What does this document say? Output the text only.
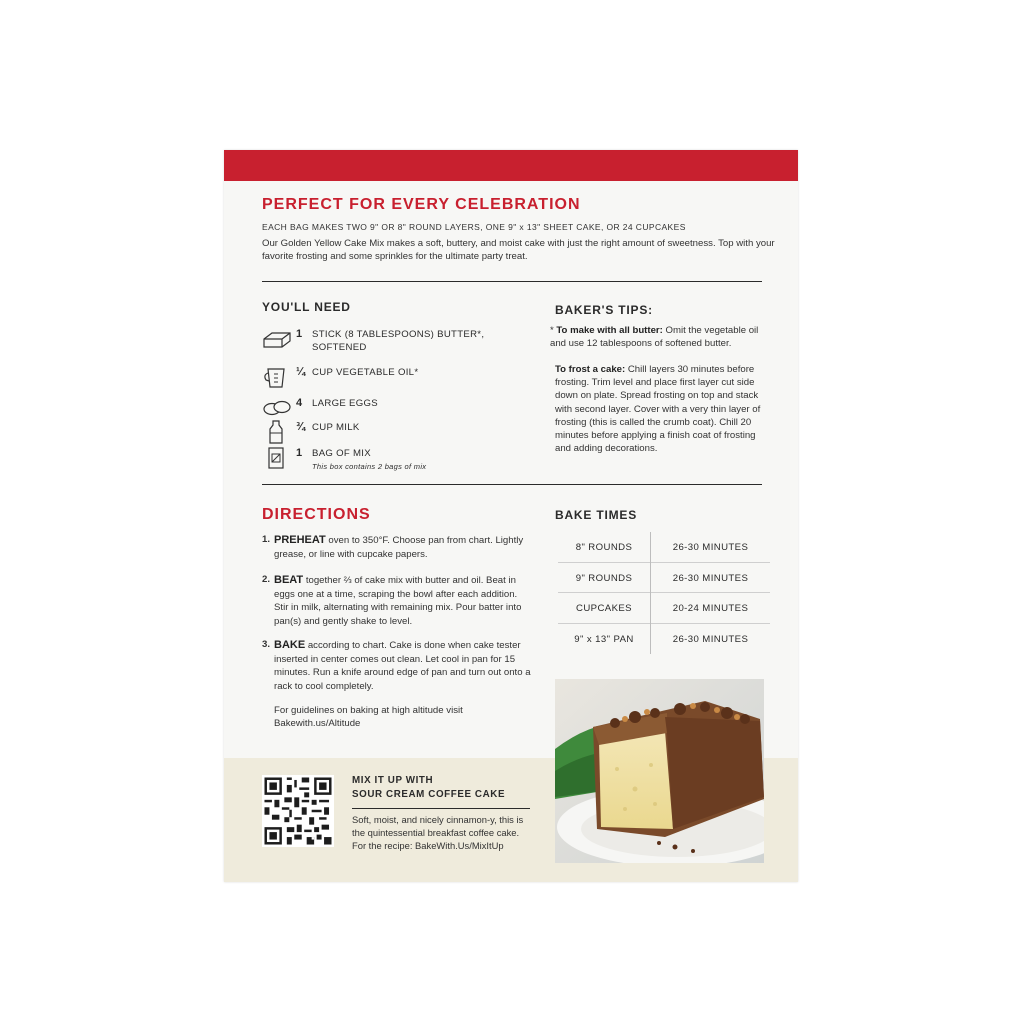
PERFECT FOR EVERY CELEBRATION
EACH BAG MAKES TWO 9" OR 8" ROUND LAYERS, ONE 9" x 13" SHEET CAKE, OR 24 CUPCAKES
Our Golden Yellow Cake Mix makes a soft, buttery, and moist cake with just the right amount of sweetness. Top with your favorite frosting and some sprinkles for the ultimate party treat.
YOU'LL NEED
1	STICK (8 TABLESPOONS) BUTTER*, SOFTENED
¼ CUP VEGETABLE OIL*
4	LARGE EGGS
¾ CUP MILK
1	BAG OF MIX
This box contains 2 bags of mix
BAKER'S TIPS:
* To make with all butter: Omit the vegetable oil and use 12 tablespoons of softened butter.
To frost a cake: Chill layers 30 minutes before frosting. Trim level and place first layer cut side down on plate. Spread frosting on top and stack with second layer. Cover with a very thin layer of frosting (this is called the crumb coat). Chill 20 minutes before applying a finish coat of frosting and adding decorations.
DIRECTIONS
1. PREHEAT oven to 350°F. Choose pan from chart. Lightly grease, or line with cupcake papers.
2. BEAT together ⅔ of cake mix with butter and oil. Beat in eggs one at a time, scraping the bowl after each addition. Stir in milk, alternating with remaining mix. Pour batter into pan(s) and gently shake to level.
3. BAKE according to chart. Cake is done when cake tester inserted in center comes out clean. Let cool in pan for 15 minutes. Run a knife around edge of pan and turn out onto a rack to cool completely.
For guidelines on baking at high altitude visit Bakewith.us/Altitude
BAKE TIMES
8" ROUNDS	26-30 MINUTES
9" ROUNDS	26-30 MINUTES
CUPCAKES	20-24 MINUTES
9" x 13" PAN	26-30 MINUTES
MIX IT UP WITH
SOUR CREAM COFFEE CAKE
Soft, moist, and nicely cinnamon-y, this is the quintessential breakfast coffee cake. For the recipe: BakeWith.Us/MixItUp
